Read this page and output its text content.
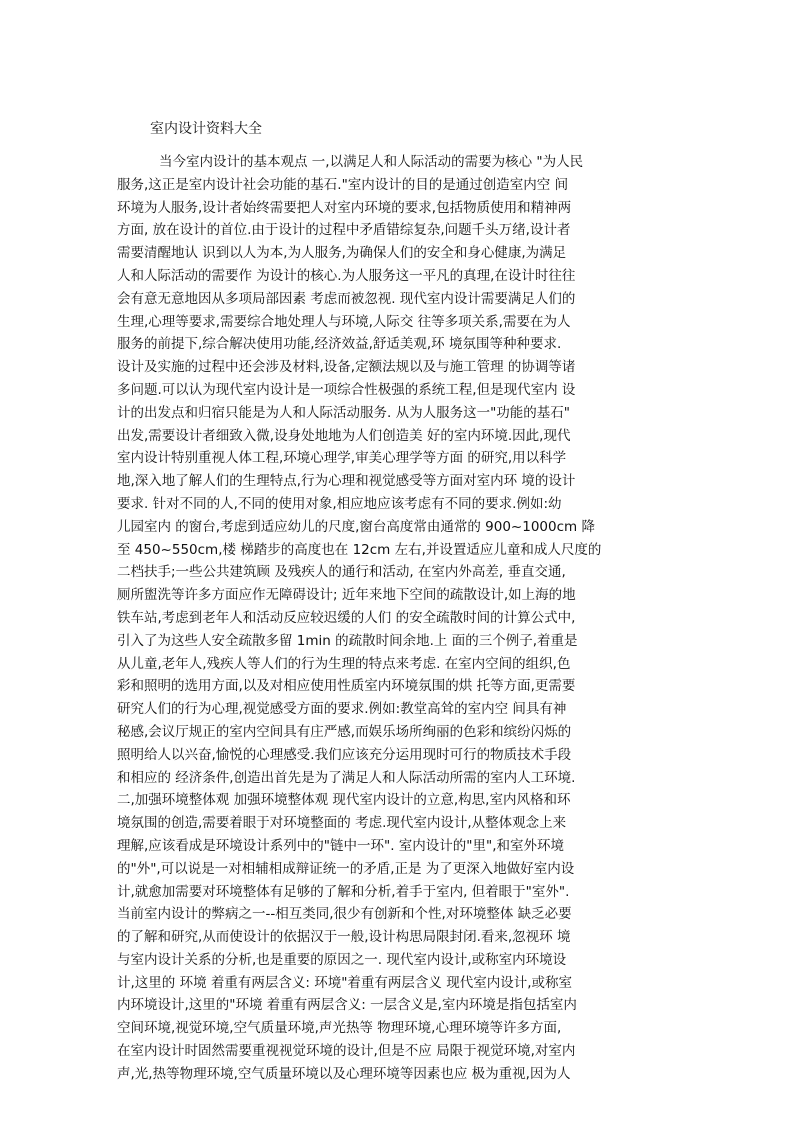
室内设计资料大全
当今室内设计的基本观点 一,以满足人和人际活动的需要为核心 "为人民
服务,这正是室内设计社会功能的基石."室内设计的目的是通过创造室内空 间
环境为人服务,设计者始终需要把人对室内环境的要求,包括物质使用和精神两
方面, 放在设计的首位.由于设计的过程中矛盾错综复杂,问题千头万绪,设计者
需要清醒地认 识到以人为本,为人服务,为确保人们的安全和身心健康,为满足
人和人际活动的需要作 为设计的核心.为人服务这一平凡的真理,在设计时往往
会有意无意地因从多项局部因素 考虑而被忽视. 现代室内设计需要满足人们的
生理,心理等要求,需要综合地处理人与环境,人际交 往等多项关系,需要在为人
服务的前提下,综合解决使用功能,经济效益,舒适美观,环 境氛围等种种要求.
设计及实施的过程中还会涉及材料,设备,定额法规以及与施工管理 的协调等诸
多问题.可以认为现代室内设计是一项综合性极强的系统工程,但是现代室内 设
计的出发点和归宿只能是为人和人际活动服务. 从为人服务这一"功能的基石"
出发,需要设计者细致入微,设身处地地为人们创造美 好的室内环境.因此,现代
室内设计特别重视人体工程,环境心理学,审美心理学等方面 的研究,用以科学
地,深入地了解人们的生理特点,行为心理和视觉感受等方面对室内环 境的设计
要求. 针对不同的人,不同的使用对象,相应地应该考虑有不同的要求.例如:幼
儿园室内 的窗台,考虑到适应幼儿的尺度,窗台高度常由通常的 900~1000cm 降
至 450~550cm,楼 梯踏步的高度也在 12cm 左右,并设置适应儿童和成人尺度的
二档扶手;一些公共建筑顾 及残疾人的通行和活动, 在室内外高差, 垂直交通,
厕所盥洗等许多方面应作无障碍设计; 近年来地下空间的疏散设计,如上海的地
铁车站,考虑到老年人和活动反应较迟缓的人们 的安全疏散时间的计算公式中,
引入了为这些人安全疏散多留 1min 的疏散时间余地.上 面的三个例子,着重是
从儿童,老年人,残疾人等人们的行为生理的特点来考虑. 在室内空间的组织,色
彩和照明的选用方面,以及对相应使用性质室内环境氛围的烘 托等方面,更需要
研究人们的行为心理,视觉感受方面的要求.例如:教堂高耸的室内空 间具有神
秘感,会议厅规正的室内空间具有庄严感,而娱乐场所绚丽的色彩和缤纷闪烁的
照明给人以兴奋,愉悦的心理感受.我们应该充分运用现时可行的物质技术手段
和相应的 经济条件,创造出首先是为了满足人和人际活动所需的室内人工环境.
二,加强环境整体观 加强环境整体观 现代室内设计的立意,构思,室内风格和环
境氛围的创造,需要着眼于对环境整面的 考虑.现代室内设计,从整体观念上来
理解,应该看成是环境设计系列中的"链中一环". 室内设计的"里",和室外环境
的"外",可以说是一对相辅相成辩证统一的矛盾,正是 为了更深入地做好室内设
计,就愈加需要对环境整体有足够的了解和分析,着手于室内, 但着眼于"室外".
当前室内设计的弊病之一--相互类同,很少有创新和个性,对环境整体 缺乏必要
的了解和研究,从而使设计的依据汉于一般,设计构思局限封闭.看来,忽视环 境
与室内设计关系的分析,也是重要的原因之一. 现代室内设计,或称室内环境设
计,这里的 环境 着重有两层含义: 环境"着重有两层含义 现代室内设计,或称室
内环境设计,这里的"环境 着重有两层含义: 一层含义是,室内环境是指包括室内
空间环境,视觉环境,空气质量环境,声光热等 物理环境,心理环境等许多方面,
在室内设计时固然需要重视视觉环境的设计,但是不应 局限于视觉环境,对室内
声,光,热等物理环境,空气质量环境以及心理环境等因素也应 极为重视,因为人
